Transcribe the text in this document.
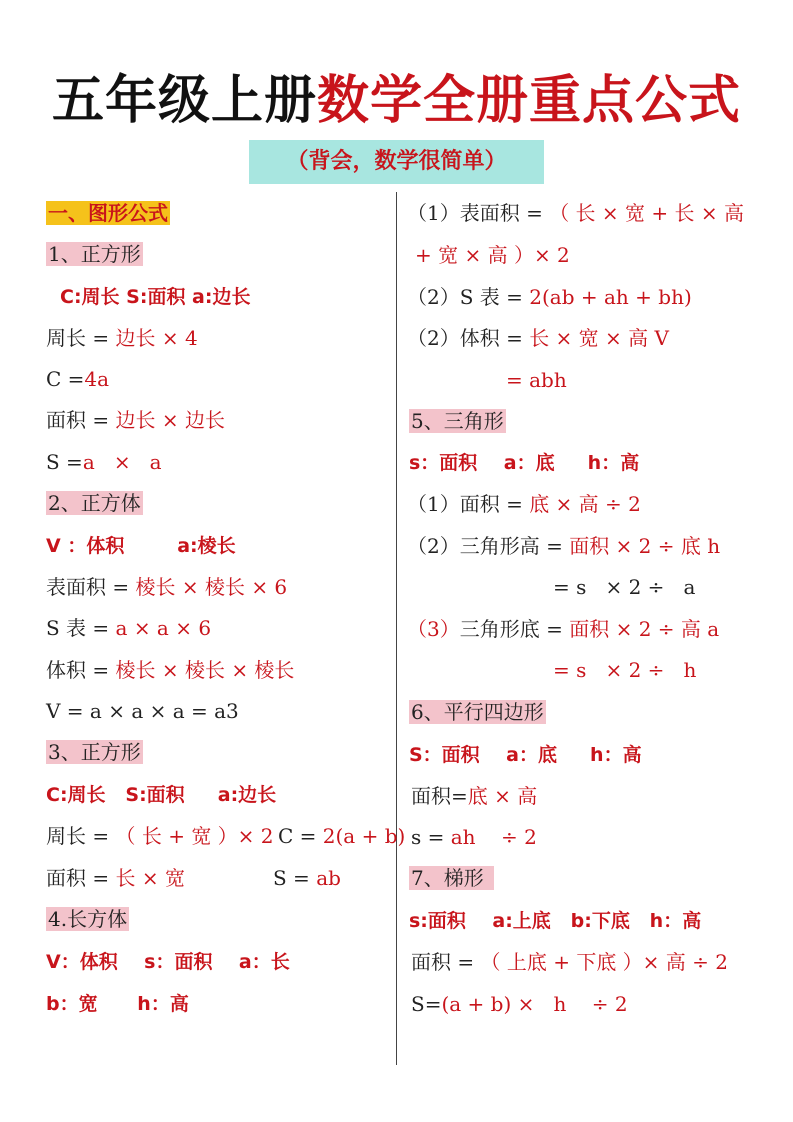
五年级上册数学全册重点公式
（背会，数学很简单）
一、图形公式
1、正方形
C:周长 S:面积 a:边长
周长 = 边长 × 4
C =4a
面积 = 边长 × 边长
S =a   ×   a
2、正方体
V ：体积        a:棱长
表面积 = 棱长 × 棱长 × 6
S 表 = a × a × 6
体积 = 棱长 × 棱长 × 棱长
V = a × a × a = a3
3、正方形
C:周长   S:面积     a:边长
周长 = （ 长 + 宽 ）× 2 C = 2(a + b)
面积 = 长 × 宽	S = ab
4.长方体
V：体积    s：面积    a：长
b：宽      h：高
（1）表面积 = （ 长 × 宽 + 长 × 高
+ 宽 × 高 ）× 2
（2）S 表 = 2(ab + ah + bh)
（2）体积 = 长 × 宽 × 高 V
= abh
5、三角形
s：面积    a：底     h：高
（1）面积 = 底 × 高 ÷ 2
（2）三角形高 = 面积 × 2 ÷ 底 h
= s   × 2 ÷   a
（3）三角形底 = 面积 × 2 ÷ 高 a
= s   × 2 ÷   h
6、平行四边形
S：面积    a：底     h：高
面积=底 × 高
s = ah    ÷ 2
7、梯形
s:面积    a:上底   b:下底   h：高
面积 = （ 上底 + 下底 ）× 高 ÷ 2
S=(a + b) ×   h    ÷ 2
